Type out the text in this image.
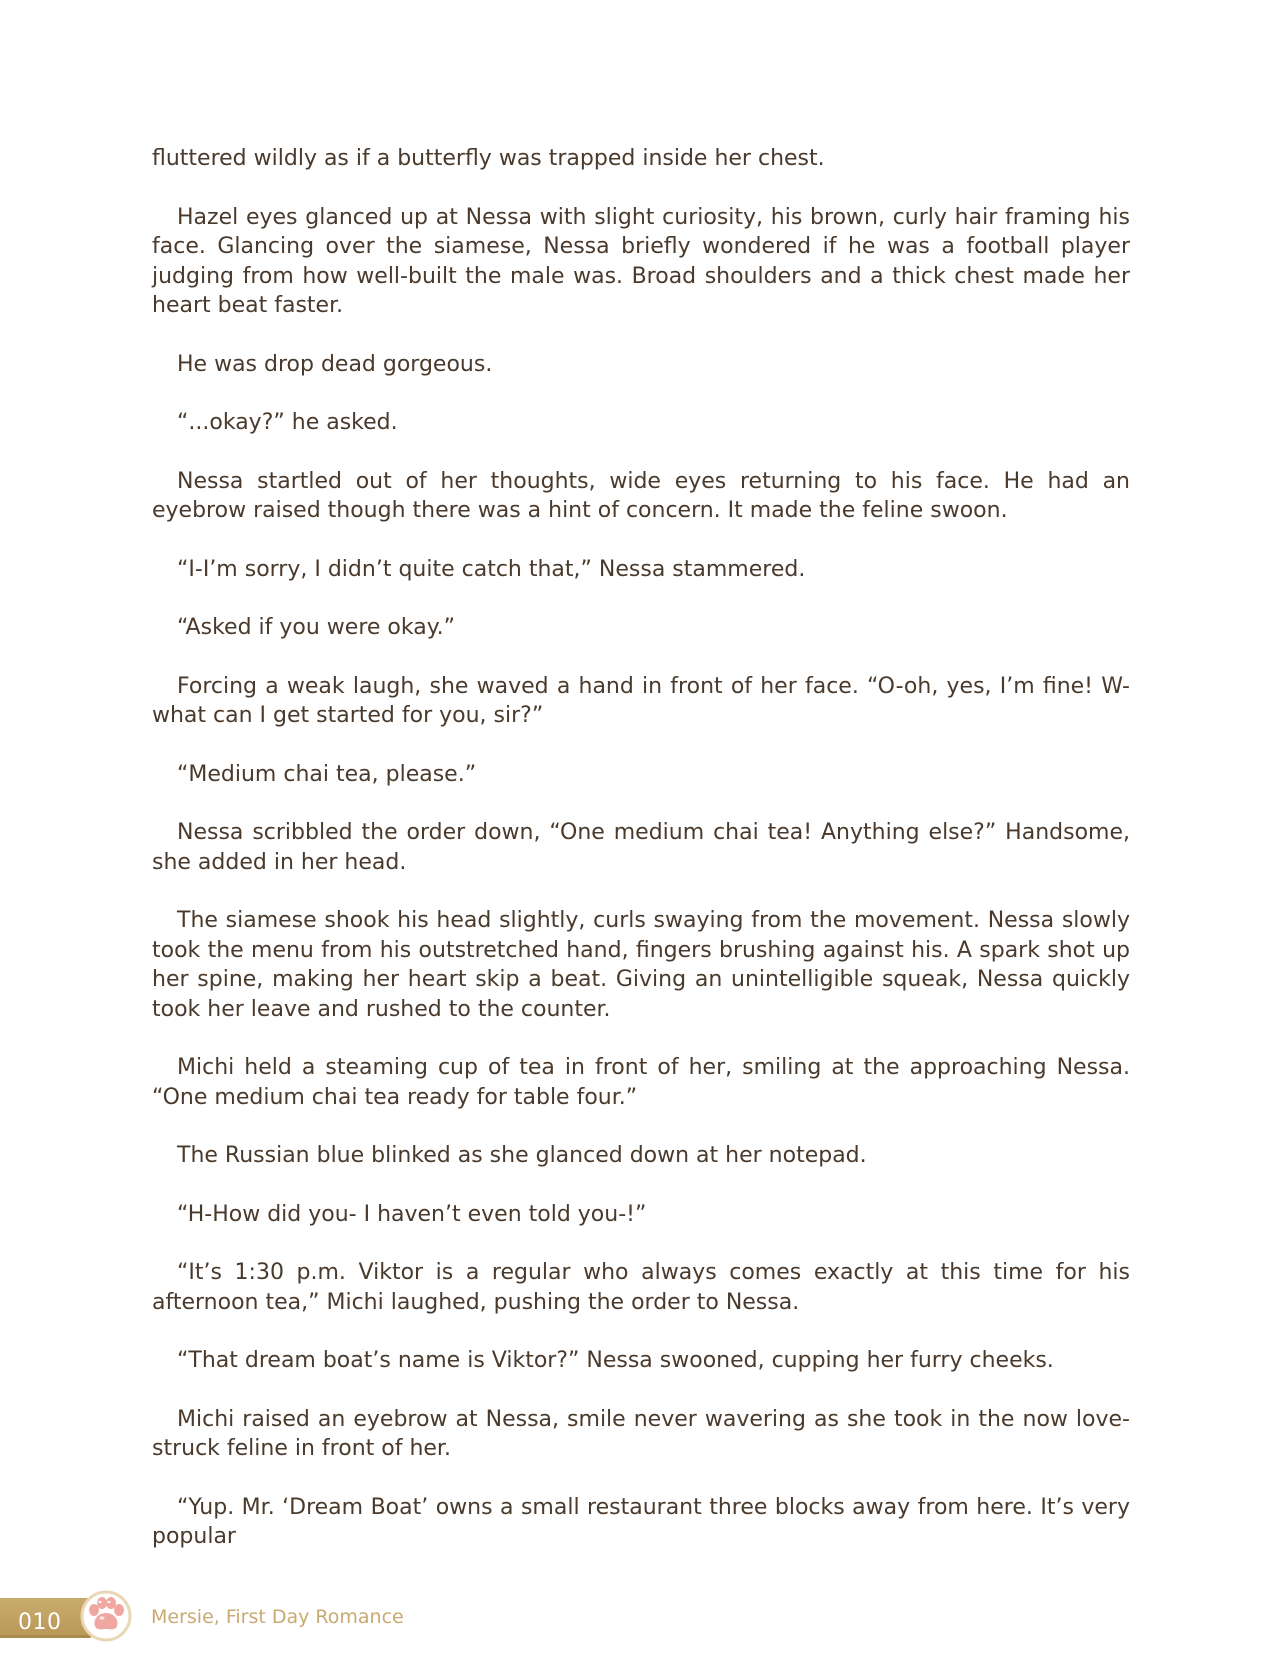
fluttered wildly as if a butterfly was trapped inside her chest.

Hazel eyes glanced up at Nessa with slight curiosity, his brown, curly hair framing his face. Glancing over the siamese, Nessa briefly wondered if he was a football player judging from how well-built the male was. Broad shoulders and a thick chest made her heart beat faster.

He was drop dead gorgeous.

“...okay?” he asked.

Nessa startled out of her thoughts, wide eyes returning to his face. He had an eyebrow raised though there was a hint of concern. It made the feline swoon.

“I-I’m sorry, I didn’t quite catch that,” Nessa stammered.

“Asked if you were okay.”

Forcing a weak laugh, she waved a hand in front of her face. “O-oh, yes, I’m fine! W-what can I get started for you, sir?”

“Medium chai tea, please.”

Nessa scribbled the order down, “One medium chai tea! Anything else?” Handsome, she added in her head.

The siamese shook his head slightly, curls swaying from the movement. Nessa slowly took the menu from his outstretched hand, fingers brushing against his. A spark shot up her spine, making her heart skip a beat. Giving an unintelligible squeak, Nessa quickly took her leave and rushed to the counter.

Michi held a steaming cup of tea in front of her, smiling at the approaching Nessa. “One medium chai tea ready for table four.”

The Russian blue blinked as she glanced down at her notepad.

“H-How did you- I haven’t even told you-!”

“It’s 1:30 p.m. Viktor is a regular who always comes exactly at this time for his afternoon tea,” Michi laughed, pushing the order to Nessa.

“That dream boat’s name is Viktor?” Nessa swooned, cupping her furry cheeks.

Michi raised an eyebrow at Nessa, smile never wavering as she took in the now love-struck feline in front of her.

“Yup. Mr. ‘Dream Boat’ owns a small restaurant three blocks away from here. It’s very popular

010	Mersie, First Day Romance
